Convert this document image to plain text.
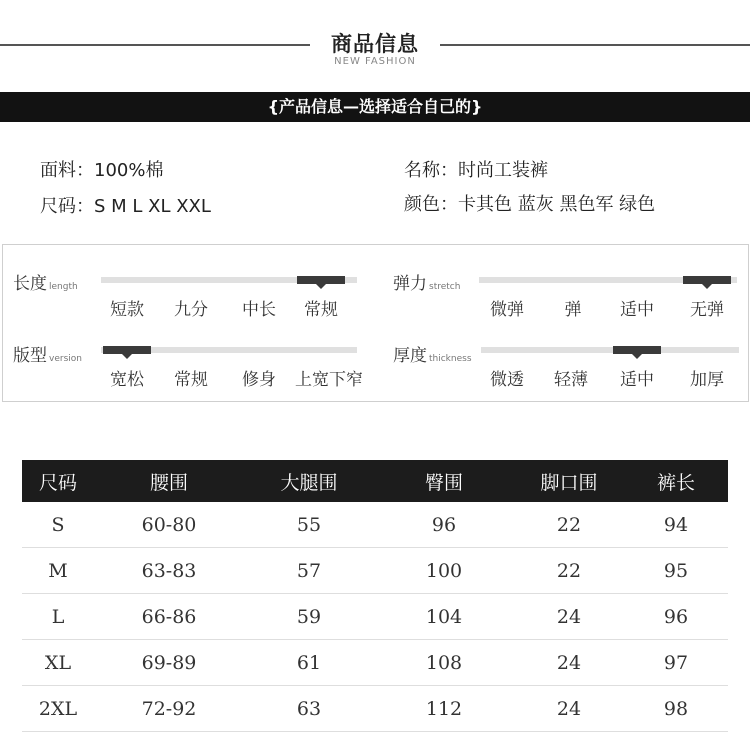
商品信息
NEW FASHION
{产品信息—选择适合自己的}
面料：100%棉	名称：时尚工装裤
尺码：S M L XL XXL	颜色：卡其色 蓝灰 黑色军 绿色
长度 length
短款 九分 中长 常规
弹力 stretch
微弹 弹 适中 无弹
版型 version
宽松 常规 修身 上宽下窄
厚度 thickness
微透 轻薄 适中 加厚
尺码	腰围	大腿围	臀围	脚口围	裤长
S	60-80	55	96	22	94
M	63-83	57	100	22	95
L	66-86	59	104	24	96
XL	69-89	61	108	24	97
2XL	72-92	63	112	24	98
